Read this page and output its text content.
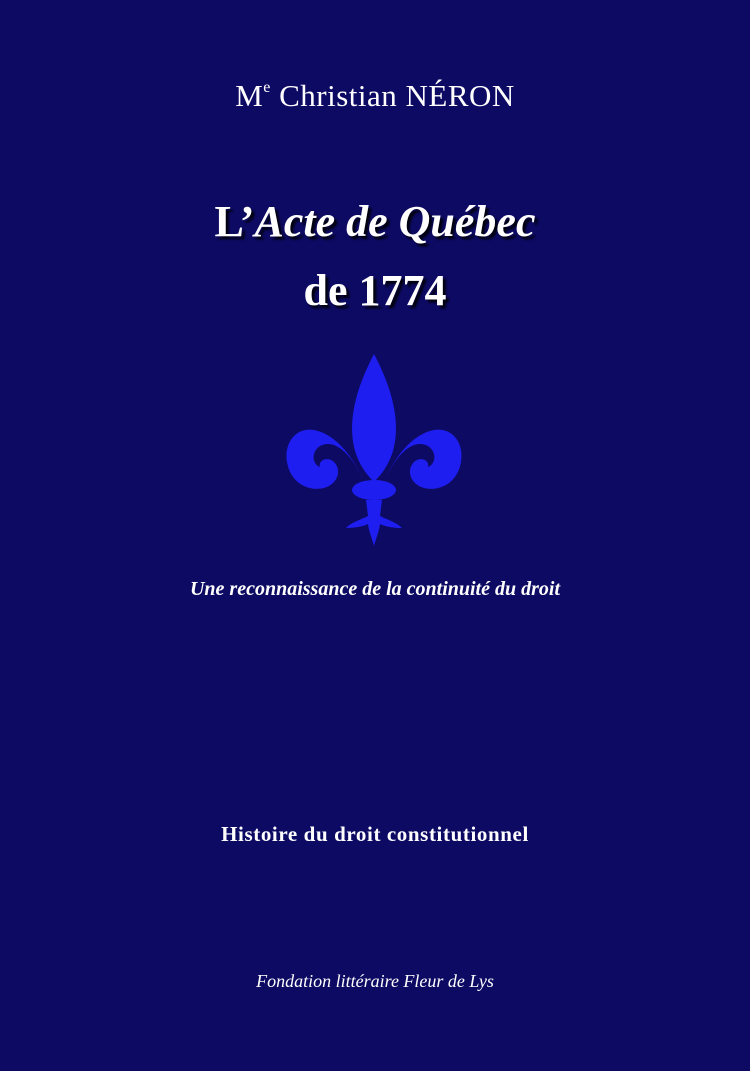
Me Christian NÉRON
L’Acte de Québec
de 1774
Une reconnaissance de la continuité du droit
Histoire du droit constitutionnel
Fondation littéraire Fleur de Lys
